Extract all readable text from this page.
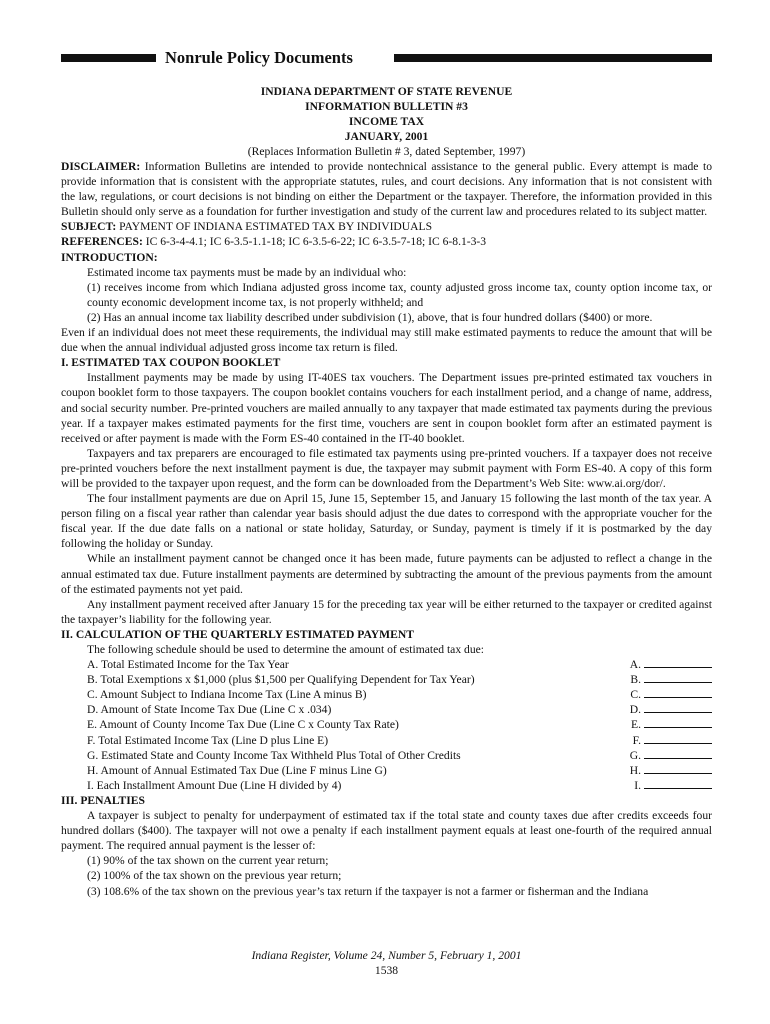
Nonrule Policy Documents
INDIANA DEPARTMENT OF STATE REVENUE
INFORMATION BULLETIN #3
INCOME TAX
JANUARY, 2001
(Replaces Information Bulletin # 3, dated September, 1997)

DISCLAIMER: Information Bulletins are intended to provide nontechnical assistance to the general public. Every attempt is made to provide information that is consistent with the appropriate statutes, rules, and court decisions. Any information that is not consistent with the law, regulations, or court decisions is not binding on either the Department or the taxpayer. Therefore, the information provided in this Bulletin should only serve as a foundation for further investigation and study of the current law and procedures related to its subject matter.

SUBJECT: PAYMENT OF INDIANA ESTIMATED TAX BY INDIVIDUALS

REFERENCES: IC 6-3-4-4.1; IC 6-3.5-1.1-18; IC 6-3.5-6-22; IC 6-3.5-7-18; IC 6-8.1-3-3

INTRODUCTION:

Estimated income tax payments must be made by an individual who:

(1) receives income from which Indiana adjusted gross income tax, county adjusted gross income tax, county option income tax, or county economic development income tax, is not properly withheld; and

(2) Has an annual income tax liability described under subdivision (1), above, that is four hundred dollars ($400) or more.

Even if an individual does not meet these requirements, the individual may still make estimated payments to reduce the amount that will be due when the annual individual adjusted gross income tax return is filed.

I. ESTIMATED TAX COUPON BOOKLET

Installment payments may be made by using IT-40ES tax vouchers. The Department issues pre-printed estimated tax vouchers in coupon booklet form to those taxpayers. The coupon booklet contains vouchers for each installment period, and a change of name, address, and social security number. Pre-printed vouchers are mailed annually to any taxpayer that made estimated tax payments during the previous year. If a taxpayer makes estimated payments for the first time, vouchers are sent in coupon booklet form after an estimated payment is received or after payment is made with the Form ES-40 contained in the IT-40 booklet.

Taxpayers and tax preparers are encouraged to file estimated tax payments using pre-printed vouchers. If a taxpayer does not receive pre-printed vouchers before the next installment payment is due, the taxpayer may submit payment with Form ES-40. A copy of this form will be provided to the taxpayer upon request, and the form can be downloaded from the Department’s Web Site: www.ai.org/dor/.

The four installment payments are due on April 15, June 15, September 15, and January 15 following the last month of the tax year. A person filing on a fiscal year rather than calendar year basis should adjust the due dates to correspond with the appropriate voucher for the fiscal year. If the due date falls on a national or state holiday, Saturday, or Sunday, payment is timely if it is postmarked by the day following the holiday or Sunday.

While an installment payment cannot be changed once it has been made, future payments can be adjusted to reflect a change in the annual estimated tax due. Future installment payments are determined by subtracting the amount of the previous payments from the amount of the estimated payments not yet paid.

Any installment payment received after January 15 for the preceding tax year will be either returned to the taxpayer or credited against the taxpayer’s liability for the following year.

II. CALCULATION OF THE QUARTERLY ESTIMATED PAYMENT

The following schedule should be used to determine the amount of estimated tax due:

A. Total Estimated Income for the Tax Year	A.
B. Total Exemptions x $1,000 (plus $1,500 per Qualifying Dependent for Tax Year)	B.
C. Amount Subject to Indiana Income Tax (Line A minus B)	C.
D. Amount of State Income Tax Due (Line C x .034)	D.
E. Amount of County Income Tax Due (Line C x County Tax Rate)	E.
F. Total Estimated Income Tax (Line D plus Line E)	F.
G. Estimated State and County Income Tax Withheld Plus Total of Other Credits	G.
H. Amount of Annual Estimated Tax Due (Line F minus Line G)	H.
I. Each Installment Amount Due (Line H divided by 4)	I.

III. PENALTIES

A taxpayer is subject to penalty for underpayment of estimated tax if the total state and county taxes due after credits exceeds four hundred dollars ($400). The taxpayer will not owe a penalty if each installment payment equals at least one-fourth of the required annual payment. The required annual payment is the lesser of:

(1) 90% of the tax shown on the current year return;

(2) 100% of the tax shown on the previous year return;

(3) 108.6% of the tax shown on the previous year’s tax return if the taxpayer is not a farmer or fisherman and the Indiana

Indiana Register, Volume 24, Number 5, February 1, 2001
1538
